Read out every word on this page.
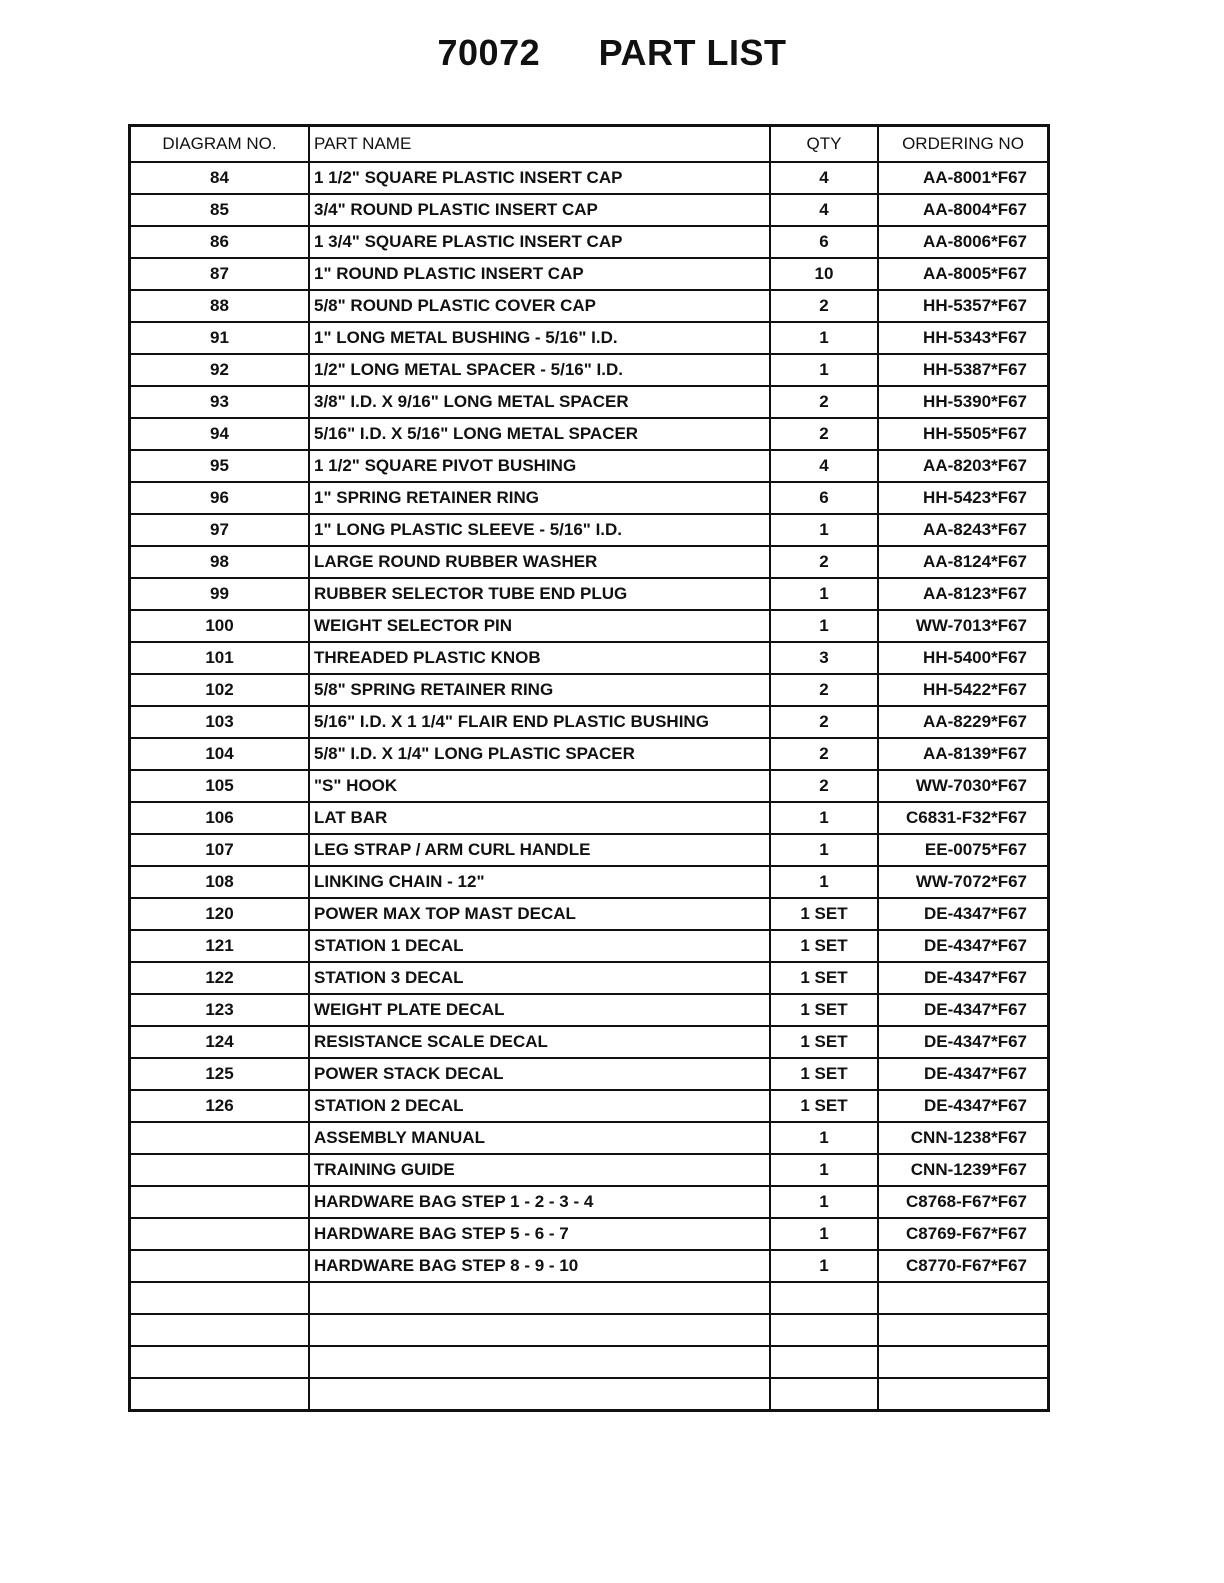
70072 PART LIST
DIAGRAM NO.	PART NAME	QTY	ORDERING NO
84	1 1/2" SQUARE PLASTIC INSERT CAP	4	AA-8001*F67
85	3/4" ROUND PLASTIC INSERT CAP	4	AA-8004*F67
86	1 3/4" SQUARE PLASTIC INSERT CAP	6	AA-8006*F67
87	1" ROUND PLASTIC INSERT CAP	10	AA-8005*F67
88	5/8" ROUND PLASTIC COVER CAP	2	HH-5357*F67
91	1" LONG METAL BUSHING - 5/16" I.D.	1	HH-5343*F67
92	1/2" LONG METAL SPACER - 5/16" I.D.	1	HH-5387*F67
93	3/8" I.D. X 9/16" LONG METAL SPACER	2	HH-5390*F67
94	5/16" I.D. X 5/16" LONG METAL SPACER	2	HH-5505*F67
95	1 1/2" SQUARE PIVOT BUSHING	4	AA-8203*F67
96	1" SPRING RETAINER RING	6	HH-5423*F67
97	1" LONG PLASTIC SLEEVE - 5/16" I.D.	1	AA-8243*F67
98	LARGE ROUND RUBBER WASHER	2	AA-8124*F67
99	RUBBER SELECTOR TUBE END PLUG	1	AA-8123*F67
100	WEIGHT SELECTOR PIN	1	WW-7013*F67
101	THREADED PLASTIC KNOB	3	HH-5400*F67
102	5/8" SPRING RETAINER RING	2	HH-5422*F67
103	5/16" I.D. X 1 1/4" FLAIR END PLASTIC BUSHING	2	AA-8229*F67
104	5/8" I.D. X 1/4" LONG PLASTIC SPACER	2	AA-8139*F67
105	"S" HOOK	2	WW-7030*F67
106	LAT BAR	1	C6831-F32*F67
107	LEG STRAP / ARM CURL HANDLE	1	EE-0075*F67
108	LINKING CHAIN - 12"	1	WW-7072*F67
120	POWER MAX TOP MAST DECAL	1 SET	DE-4347*F67
121	STATION 1 DECAL	1 SET	DE-4347*F67
122	STATION 3 DECAL	1 SET	DE-4347*F67
123	WEIGHT PLATE DECAL	1 SET	DE-4347*F67
124	RESISTANCE SCALE DECAL	1 SET	DE-4347*F67
125	POWER STACK DECAL	1 SET	DE-4347*F67
126	STATION 2 DECAL	1 SET	DE-4347*F67
	ASSEMBLY MANUAL	1	CNN-1238*F67
	TRAINING GUIDE	1	CNN-1239*F67
	HARDWARE BAG STEP 1 - 2 - 3 - 4	1	C8768-F67*F67
	HARDWARE BAG STEP 5 - 6 - 7	1	C8769-F67*F67
	HARDWARE BAG STEP 8 - 9 - 10	1	C8770-F67*F67
